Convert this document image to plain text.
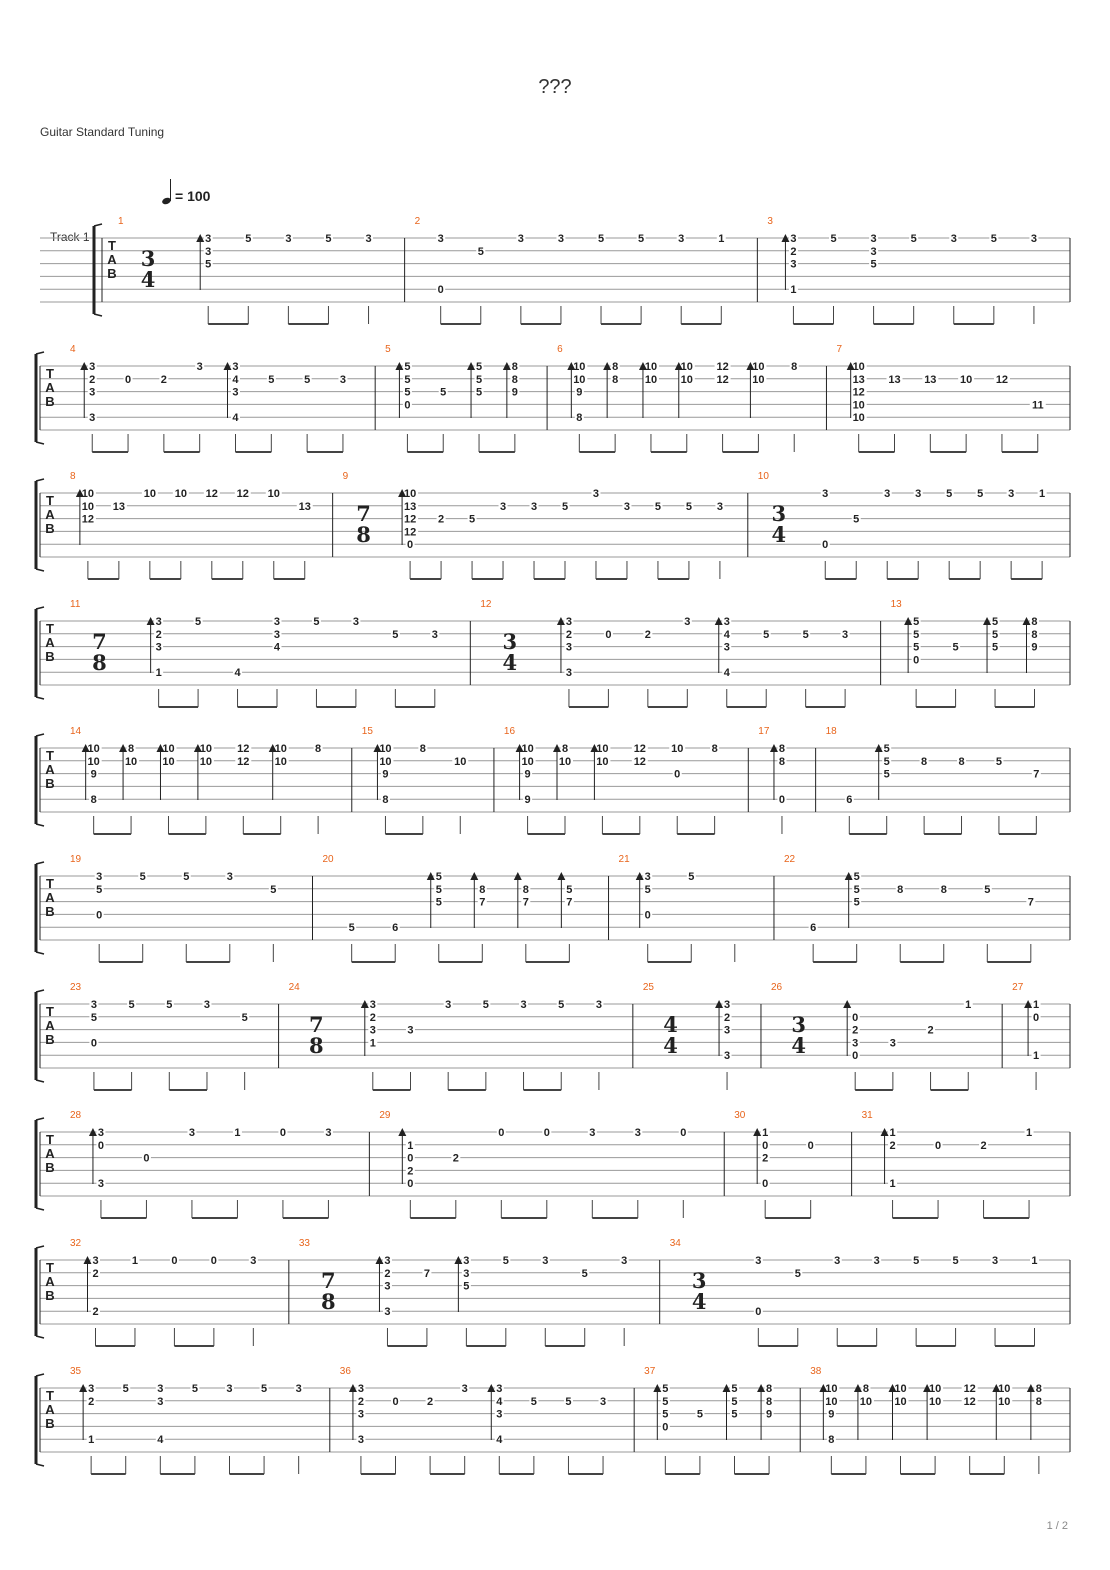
???
Guitar Standard Tuning
= 100
Track 1
T
A
B
1
3
4
3
3
5
5	3	5	3
2
3
0
5
3	3	5	5	3	1
3
3
2
3
1
5	3
3
5
5	3	5	3
T
A
B
4
3
2
3
3
0	2
3	3
4
3
4
5	5	3
5
5
5
5
0
5
5
5
5
8
8
9
6
10
10
9
8
8
8
10
10
10
10
12
12
10
10
8
7
10
13
12
10
10
13 13 10 12
11
T
A
B
8
10
10
12
13
10 10 12 12 10
13
9
7
8
10
13
12
12
0
2 5
3 3 5
3
3 5 5 3
10
3
4
3
0
5
3 3 5 5 3 1
T
A
B
11
7
8
3
2
3
1
5
4
3
3
4
5	3
5	3
12
3
4
3
2
3
3
0	2
3	3
4
3
4
5	5	3
13
5
5
5
0
5
5
5
5
8
8
9
T
A
B
14
10
10
9
8
8
10
10
10
10
10
12
12
10
10
8
15
10
10
9
8
8
10
16
10
10
9
9
8
10
10
10
12
12
10
0
8
17
8
8
0
18
6
5
5
5
8	8	5
7
T
A
B
19
3
5
0
5	5	3
5
20
5	6
5
5
5
8
7
8
7
5
7
21
3
5
0
5
22
6
5
5
5
8	8	5
7
T
A
B
23
3
5
0
5	5	3
5
24
7
8
3
2
3
1
3
3	5	3	5	3
25
4
4
3
2
3
3
26
3
4
0
2
3
0
3
2
1
27
1
0
1
T
A
B
28
3
0
3
0
3	1	0	3
29
1
0
2
0
2
0	0	3	3	0
30
1
0
2
0
0
31
1
2
1
0	2
1
T
A
B
32
3
2
2
1	0	0	3
33
7
8
3
2
3
3
7
3
3
5
5	3
5
3
34
3
4
3
0
5
3	3	5	5	3	1
T
A
B
35
3
2
1
5	3
3
4
5	3	5	3
36
3
2
3
3
0	2
3	3
4
3
4
5	5	3
37
5
5
5
0
5
5
5
5
8
8
9
38
10
10
9
8
8
10
10
10
10
10
12
12
10
10
8
8
1 / 2
